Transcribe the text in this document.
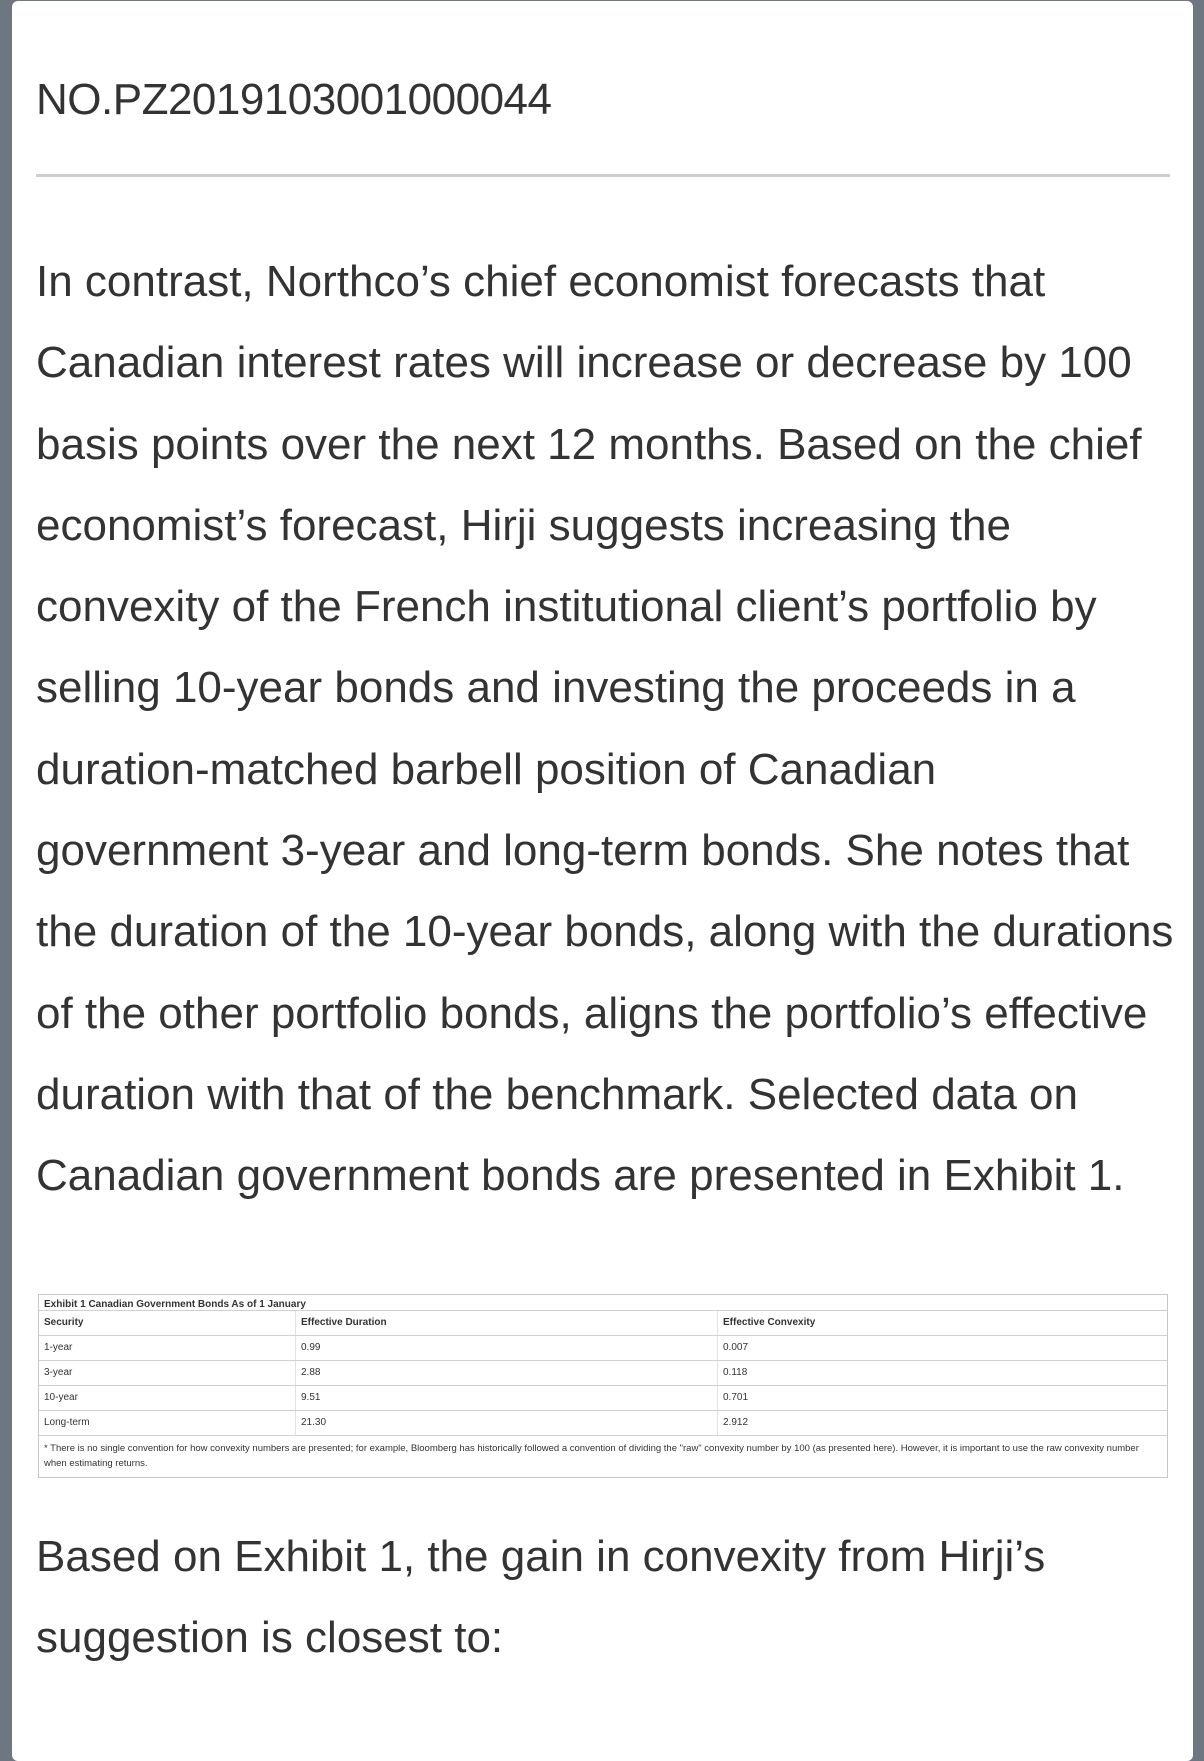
NO.PZ2019103001000044

In contrast, Northco’s chief economist forecasts that Canadian interest rates will increase or decrease by 100 basis points over the next 12 months. Based on the chief economist’s forecast, Hirji suggests increasing the convexity of the French institutional client’s portfolio by selling 10-year bonds and investing the proceeds in a duration-matched barbell position of Canadian government 3-year and long-term bonds. She notes that the duration of the 10-year bonds, along with the durations of the other portfolio bonds, aligns the portfolio’s effective duration with that of the benchmark. Selected data on Canadian government bonds are presented in Exhibit 1.

Exhibit 1 Canadian Government Bonds As of 1 January
Security	Effective Duration	Effective Convexity
1-year	0.99	0.007
3-year	2.88	0.118
10-year	9.51	0.701
Long-term	21.30	2.912
* There is no single convention for how convexity numbers are presented; for example, Bloomberg has historically followed a convention of dividing the "raw" convexity number by 100 (as presented here). However, it is important to use the raw convexity number when estimating returns.

Based on Exhibit 1, the gain in convexity from Hirji’s suggestion is closest to:
